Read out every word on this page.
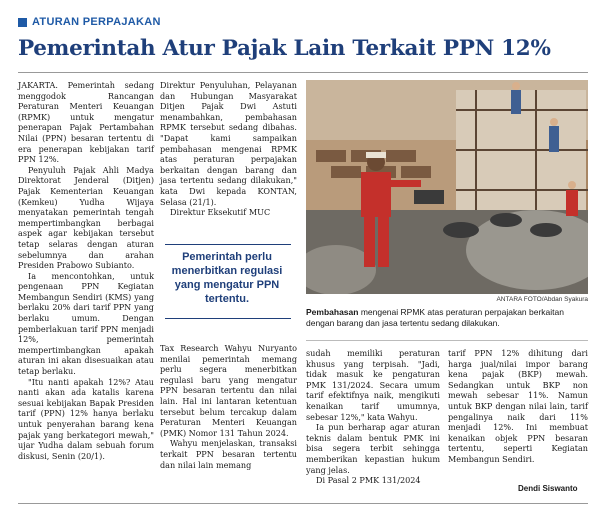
ATURAN PERPAJAKAN
Pemerintah Atur Pajak Lain Terkait PPN 12%

JAKARTA. Pemerintah sedang menggodok Rancangan Peraturan Menteri Keuangan (RPMK) untuk mengatur penerapan Pajak Pertambahan Nilai (PPN) besaran tertentu di era penerapan kebijakan tarif PPN 12%.

Penyuluh Pajak Ahli Madya Direktorat Jenderal (Ditjen) Pajak Kementerian Keuangan (Kemkeu) Yudha Wijaya menyatakan pemerintah tengah mempertimbangkan berbagai aspek agar kebijakan tersebut tetap selaras dengan aturan sebelumnya dan arahan Presiden Prabowo Subianto.

Ia mencontohkan, untuk pengenaan PPN Kegiatan Membangun Sendiri (KMS) yang berlaku 20% dari tarif PPN yang berlaku umum. Dengan pemberlakuan tarif PPN menjadi 12%, pemerintah mempertimbangkan apakah aturan ini akan disesuaikan atau tetap berlaku.

"Itu nanti apakah 12%? Atau nanti akan ada katalis karena sesuai kebijakan Bapak Presiden tarif (PPN) 12% hanya berlaku untuk penyerahan barang kena pajak yang berkategori mewah," ujar Yudha dalam sebuah forum diskusi, Senin (20/1).

Direktur Penyuluhan, Pelayanan dan Hubungan Masyarakat Ditjen Pajak Dwi Astuti menambahkan, pembahasan RPMK tersebut sedang dibahas. "Dapat kami sampaikan pembahasan mengenai RPMK atas peraturan perpajakan berkaitan dengan barang dan jasa tertentu sedang dilakukan," kata Dwi kepada KONTAN, Selasa (21/1).

Direktur Eksekutif MUC

Pemerintah perlu menerbitkan regulasi yang mengatur PPN tertentu.

Tax Research Wahyu Nuryanto menilai pemerintah memang perlu segera menerbitkan regulasi baru yang mengatur PPN besaran tertentu dan nilai lain. Hal ini lantaran ketentuan tersebut belum tercakup dalam Peraturan Menteri Keuangan (PMK) Nomor 131 Tahun 2024.

Wahyu menjelaskan, transaksi terkait PPN besaran tertentu dan nilai lain memang

ANTARA FOTO/Abdan Syakura
Pembahasan mengenai RPMK atas peraturan perpajakan berkaitan dengan barang dan jasa tertentu sedang dilakukan.

sudah memiliki peraturan khusus yang terpisah. "Jadi, tidak masuk ke pengaturan PMK 131/2024. Secara umum tarif efektifnya naik, mengikuti kenaikan tarif umumnya, sebesar 12%," kata Wahyu.

Ia pun berharap agar aturan teknis dalam bentuk PMK ini bisa segera terbit sehingga memberikan kepastian hukum yang jelas.

Di Pasal 2 PMK 131/2024

tarif PPN 12% dihitung dari harga jual/nilai impor barang kena pajak (BKP) mewah. Sedangkan untuk BKP non mewah sebesar 11%. Namun untuk BKP dengan nilai lain, tarif pengalinya naik dari 11% menjadi 12%. Ini membuat kenaikan objek PPN besaran tertentu, seperti Kegiatan Membangun Sendiri.

Dendi Siswanto
